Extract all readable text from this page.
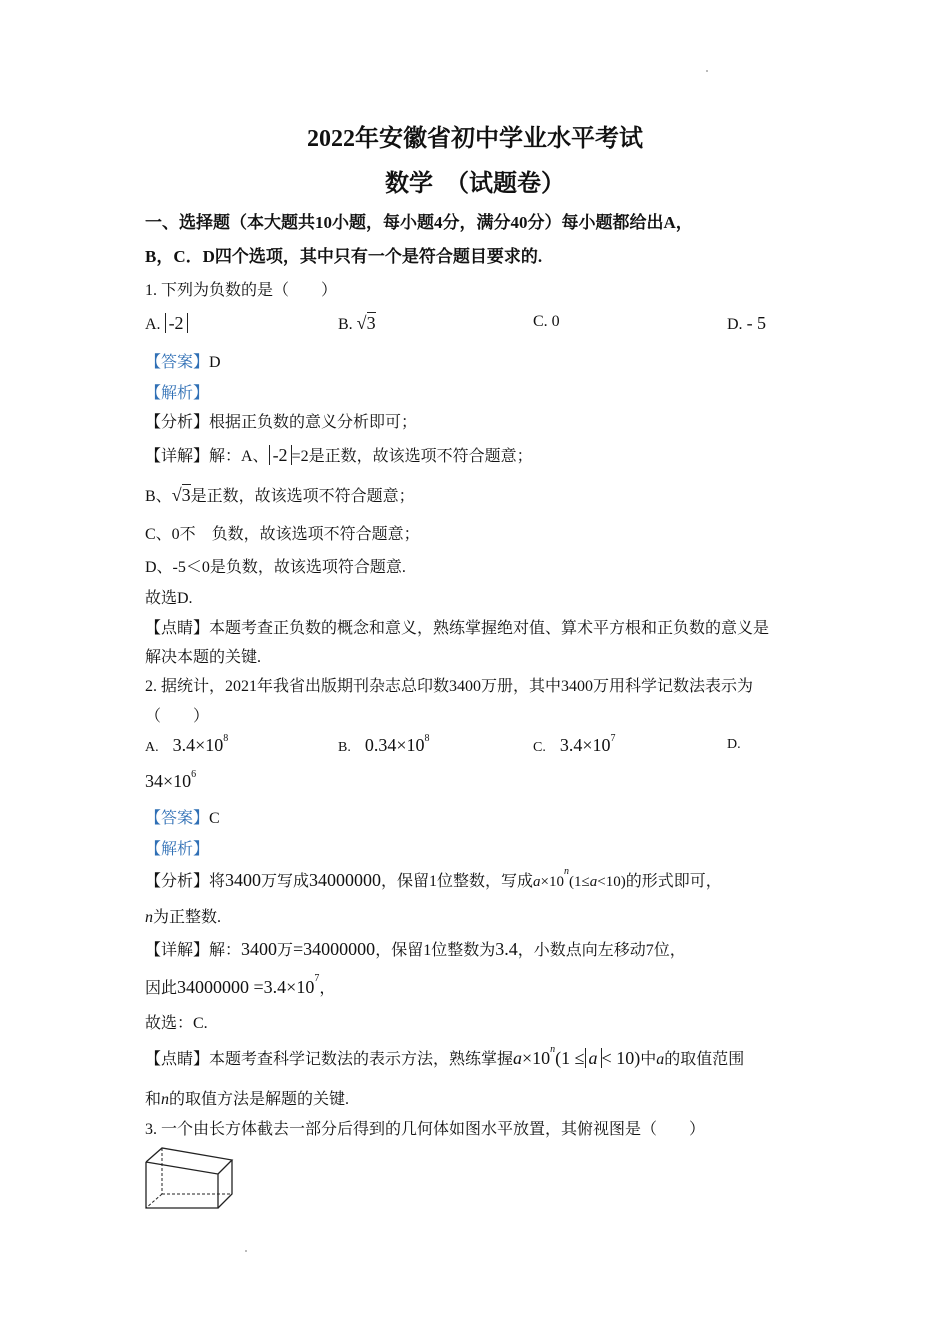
2022年安徽省初中学业水平考试
数学　（试题卷）
一、选择题（本大题共10小题，每小题4分，满分40分）每小题都给出A，
B，C．D四个选项，其中只有一个是符合题目要求的.
1. 下列为负数的是（　　）
A. -2	B. √3	C. 0	D. - 5
【答案】D
【解析】
【分析】根据正负数的意义分析即可；
【详解】解：A、 -2 =2是正数，故该选项不符合题意；
B、√3是正数，故该选项不符合题意；
C、0不　负数，故该选项不符合题意；
D、-5＜0是负数，故该选项符合题意.
故选D.
【点睛】本题考查正负数的概念和意义，熟练掌握绝对值、算术平方根和正负数的意义是
解决本题的关键.
2. 据统计，2021年我省出版期刊杂志总印数3400万册，其中3400万用科学记数法表示为
（　　）
A. $3.4\times 10^8$
B. $0.34\times 10^8$
C. $3.4\times 10^7$	D.
$34\times 10^6$
【答案】C
【解析】
【分析】将3400万写成34000000，保留1位整数，写成$a\times 10^n(1\le a<10)$的形式即可，
n为正整数.
【详解】解：3400万=34000000，保留1位整数为3.4，小数点向左移动7位，
因此$34000000 =3.4\times 10^7$，
故选：C.
【点睛】本题考查科学记数法的表示方法，熟练掌握$a\times 10^n(1 \le a < 10)$中a的取值范围
和n的取值方法是解题的关键.
3. 一个由长方体截去一部分后得到的几何体如图水平放置，其俯视图是（　　）
